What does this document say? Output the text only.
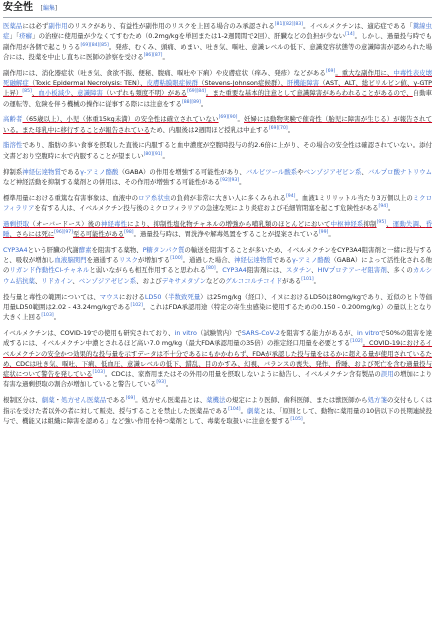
安全性 [編集]

医薬品には必ず副作用のリスクがあり、有益性が副作用のリスクを上回る場合のみ承認される[81][82][83]。イベルメクチンは、適応症である「糞線虫症」「疥癬」の治療に使用量が少なくてすむため（0.2mg/kgを単回または1-2週間間で2回）、肝臓などの負担が少ない[14]。しかし、過量投与時でも副作用が各個で起こりうる[69][84][85]。発疹、むくみ、頭痛、めまい、吐き気、嘔吐、意識レベルの低下、意識変容状態等の意識障害が認められた場合には、投薬を中止し直ちに医師の診察を受ける[86][87]。

副作用には、消化器症状（吐き気、食欲不振、便秘、腹痛、嘔吐や下痢）や皮膚症状（痒み、発疹）などがある[69]。重大な副作用に、中毒性表皮壊死融解症（Toxic Epidermal Necrolysis: TEN）、皮膚粘膜眼症候群（Stevens-Johnson症候群）、肝機能障害（AST、ALT、総ビリルビン値、γ-GTP上昇）[85]、血小板減少、意識障害（いずれも頻度不明）がある[69][84]。また重要な基本的注意として意識障害があらわれることがあるので、自動車の運転等、危険を伴う機械の操作に従事する際には注意をする[88][89]。

高齢者（65歳以上）、小児（体重15kg未満）の安全性は確立されていない[69][90]。妊婦には動物実験で催奇性（胎児に障害が生じる）が報告されている。また母乳中に移行することが報告されているため、内服後は2週間ほど授乳は中止する[69][70]。

脂溶性であり、脂肪の多い食事を摂取した直後に内服すると血中濃度が空腹時投与の約2.6倍に上がり、その場合の安全性は確認されていない。添付文書どおり空腹時に水で内服することが望ましい[80][91]。

抑制系神経伝達物質であるγ-アミノ酪酸（GABA）の作用を増強する可能性があり、バルビツール酸系やベンゾジアゼピン系、バルプロ酸ナトリウムなど神経活動を抑制する薬剤との併用は、その作用が増強する可能性がある[92][93]。

標準用量における重篤な有害事象は、血液中のロア糸状虫の負荷が非常に大きい人に多くみられる[94]。血液1ミリリットル当たり3万個以上のミクロフィラリアを有する人は、イベルメクチン投与後のミクロフィラリアの急速な死により炎症および毛細管閉塞を起こす危険性がある[94]。

過剰摂取（オーバードース）後の神経毒性により、抑制性塩化物チャネルの増強から哺乳類のほとんどにおいて中枢神経系抑制[95]、運動失調、昏睡、さらには死に[96][97]至る可能性がある[98]。過量投与時は、胃洗浄や解毒処置をすることが提案されている[99]。

CYP3A4という肝臓の代謝酵素を阻害する薬物、P糖タンパク質の輸送を阻害することが多いため、イベルメクチンをCYP3A4阻害剤と一緒に投与すると、吸収が増加し血液脳関門を過通するリスクが増加する[100]。通過した場合、神経伝達物質であるγ-アミノ酪酸（GABA）によって活性化される他のリガンド作動性Cl-チャネルと弱いながらも相互作用すると思われる[80]。CYP3A4阻害剤には、スタチン、HIVプロテアーゼ阻害剤、多くのカルシウム拮抗薬、リドカイン、ベンゾジアゼピン系、およびデキサメタゾンなどのグルココルチコイドがある[101]。

投与量と毒性の範囲については、マウスにおけるLD50（半数致死量）は25mg/kg（経口）、イヌにおけるLD50は80mg/kgであり、近似のヒト等価用量LD50範囲は2.02 - 43.24mg/kgである[102]。これはFDA承認用途（特定の寄生虫感染に使用するための0.150 - 0.200mg/kg）の量以上となり大きく上回る[103]。

イベルメクチンは、COVID-19での使用も研究されており、in vitro（試験管内）でSARS-CoV-2を阻害する能力があるが、in vitroで50%の阻害を達成するには、イベルメクチン中濃とされるほど高い7.0 mg/kg（最大FDA承認用量の35倍）の推定経口用量を必要とする[102]。COVID-19におけるイベルメクチンの安全かつ効果的な投与量を示すデータは不十分であるにもかかわらず、FDAが承認した投与量をはるかに超える量が使用されているため、CDCは吐き気、嘔吐、下痢、低血圧、意識レベルの低下、錯乱、目のかすみ、幻視、バランスの喪失、発作、昏睡、および死亡を含む過量投与症状について警告を発している[103]。CDCは、家畜用またはその外用の用量を摂取しないように勧告し、イベルメクチン含有製品の誤用の増加により有害な過剰摂取の割合が増加していると警告している[93]。

根制区分は、劇薬・処方せん医薬品である[69]。処方せん医薬品とは、薬機法の規定により医師、歯科医師、または獣医師から処方箋の交付もしくは指示を受けた者以外の者に対して販売、授与することを禁止した医薬品である[104]。劇薬とは、「原則として、動物に薬用量の10倍以下の長期連続投与で、機能又は組織に障害を認める」など強い作用を持つ薬剤として、毒薬を取扱いに注意を要する[105]。
